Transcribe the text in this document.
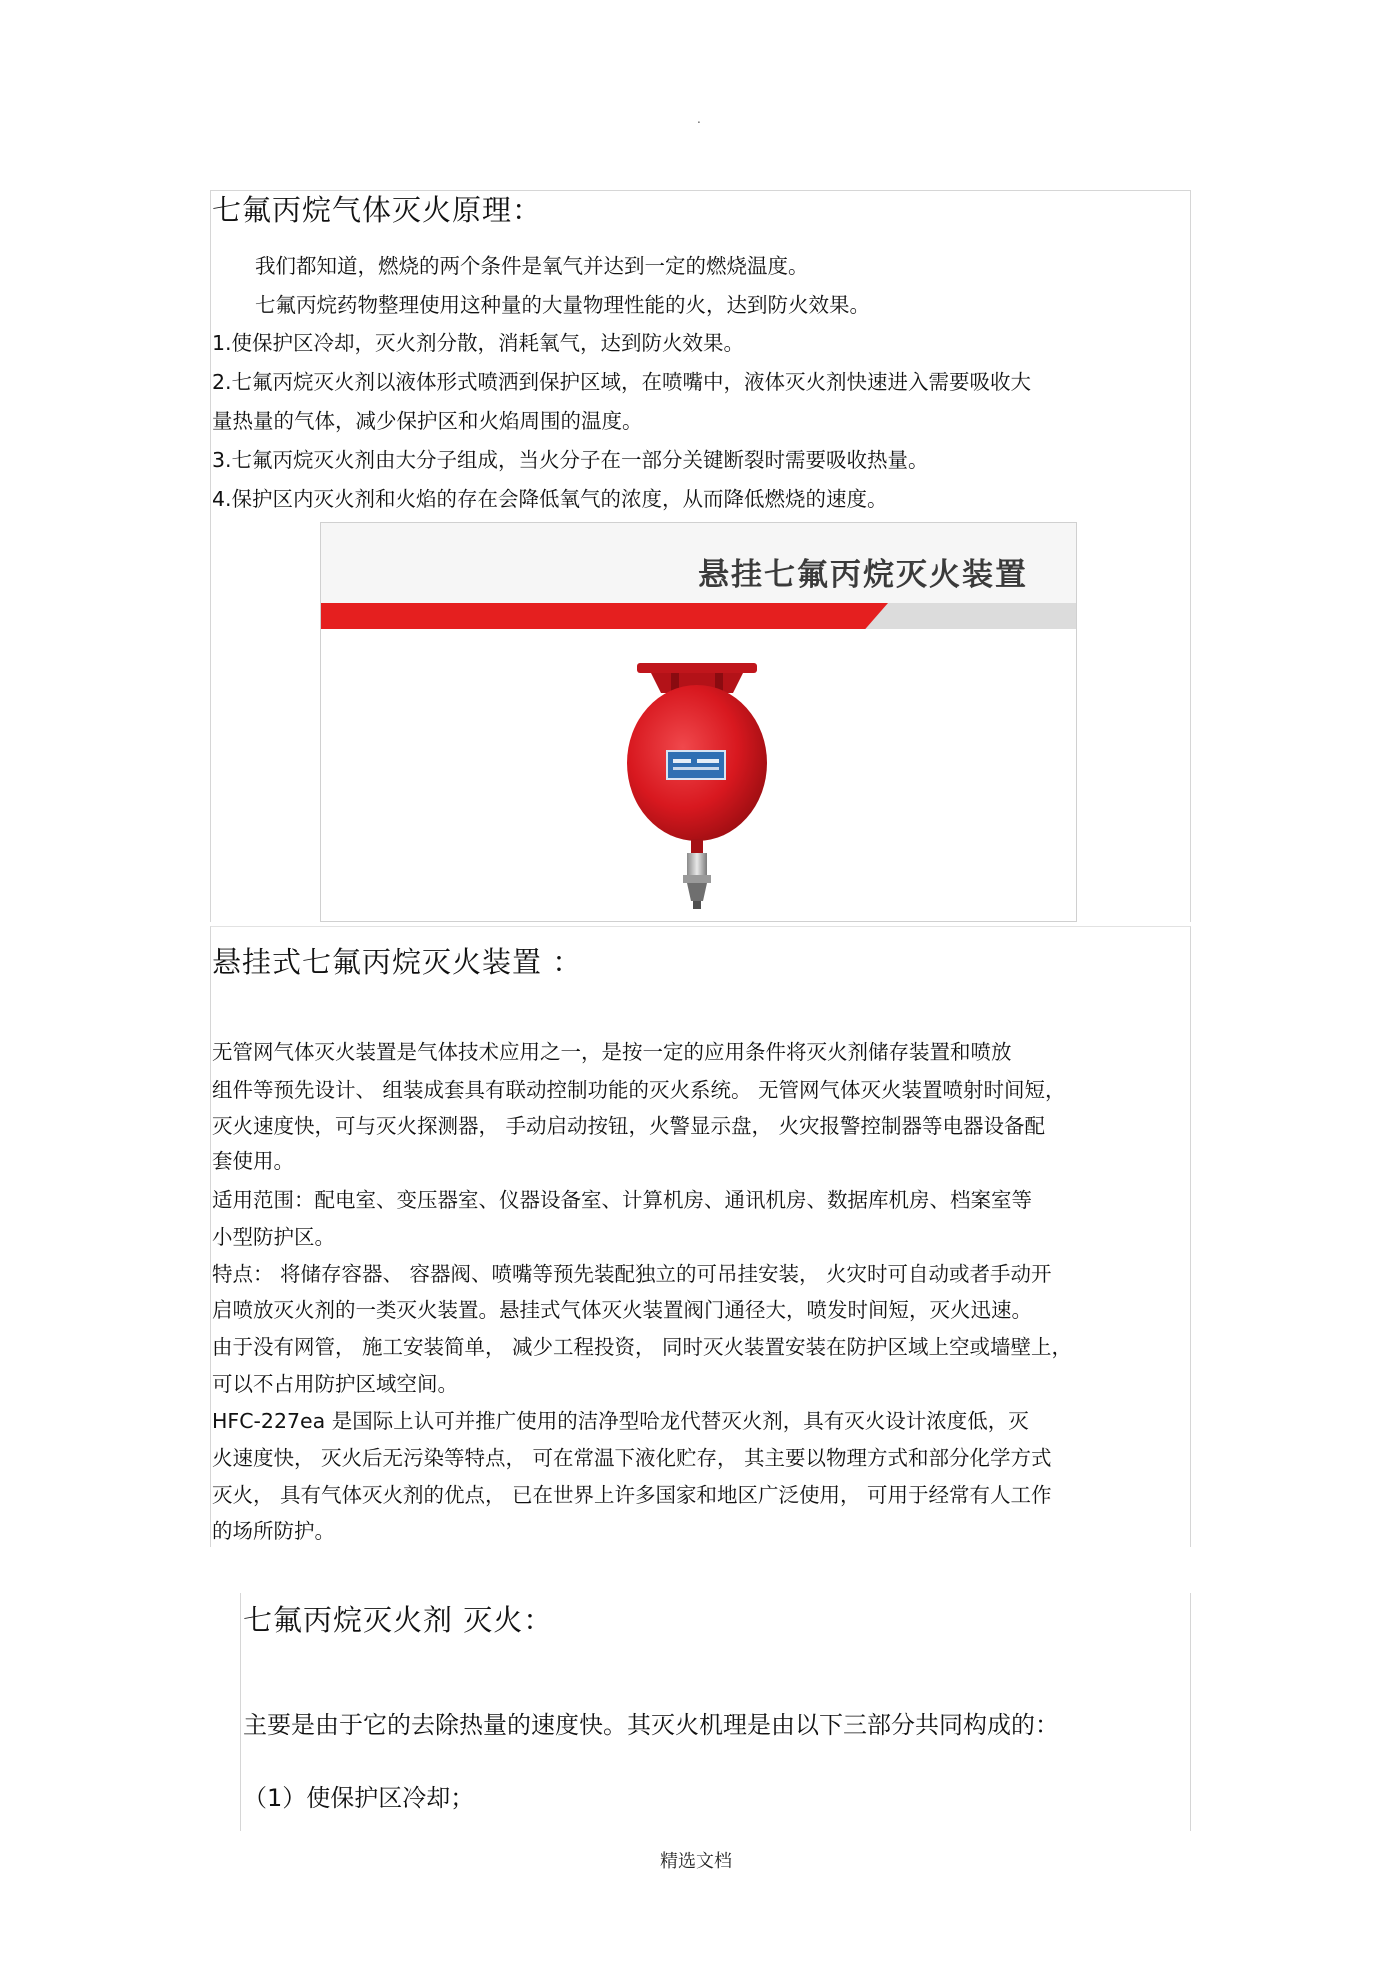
.
七氟丙烷气体灭火原理：
我们都知道，燃烧的两个条件是氧气并达到一定的燃烧温度。
七氟丙烷药物整理使用这种量的大量物理性能的火，达到防火效果。
1.使保护区冷却，灭火剂分散，消耗氧气，达到防火效果。
2.七氟丙烷灭火剂以液体形式喷洒到保护区域，在喷嘴中，液体灭火剂快速进入需要吸收大
量热量的气体，减少保护区和火焰周围的温度。
3.七氟丙烷灭火剂由大分子组成，当火分子在一部分关键断裂时需要吸收热量。
4.保护区内灭火剂和火焰的存在会降低氧气的浓度，从而降低燃烧的速度。
悬挂七氟丙烷灭火装置
悬挂式七氟丙烷灭火装置 ：
无管网气体灭火装置是气体技术应用之一，是按一定的应用条件将灭火剂储存装置和喷放
组件等预先设计、 组装成套具有联动控制功能的灭火系统。 无管网气体灭火装置喷射时间短，
灭火速度快，可与灭火探测器， 手动启动按钮，火警显示盘， 火灾报警控制器等电器设备配
套使用。
适用范围：配电室、变压器室、仪器设备室、计算机房、通讯机房、数据库机房、档案室等
小型防护区。
特点： 将储存容器、 容器阀、喷嘴等预先装配独立的可吊挂安装， 火灾时可自动或者手动开
启喷放灭火剂的一类灭火装置。悬挂式气体灭火装置阀门通径大，喷发时间短，灭火迅速。
由于没有网管， 施工安装简单， 减少工程投资， 同时灭火装置安装在防护区域上空或墙壁上，
可以不占用防护区域空间。
HFC-227ea 是国际上认可并推广使用的洁净型哈龙代替灭火剂，具有灭火设计浓度低，灭
火速度快， 灭火后无污染等特点， 可在常温下液化贮存， 其主要以物理方式和部分化学方式
灭火， 具有气体灭火剂的优点， 已在世界上许多国家和地区广泛使用， 可用于经常有人工作
的场所防护。
七氟丙烷灭火剂 灭火：
主要是由于它的去除热量的速度快。其灭火机理是由以下三部分共同构成的：
（1）使保护区冷却；
精选文档
